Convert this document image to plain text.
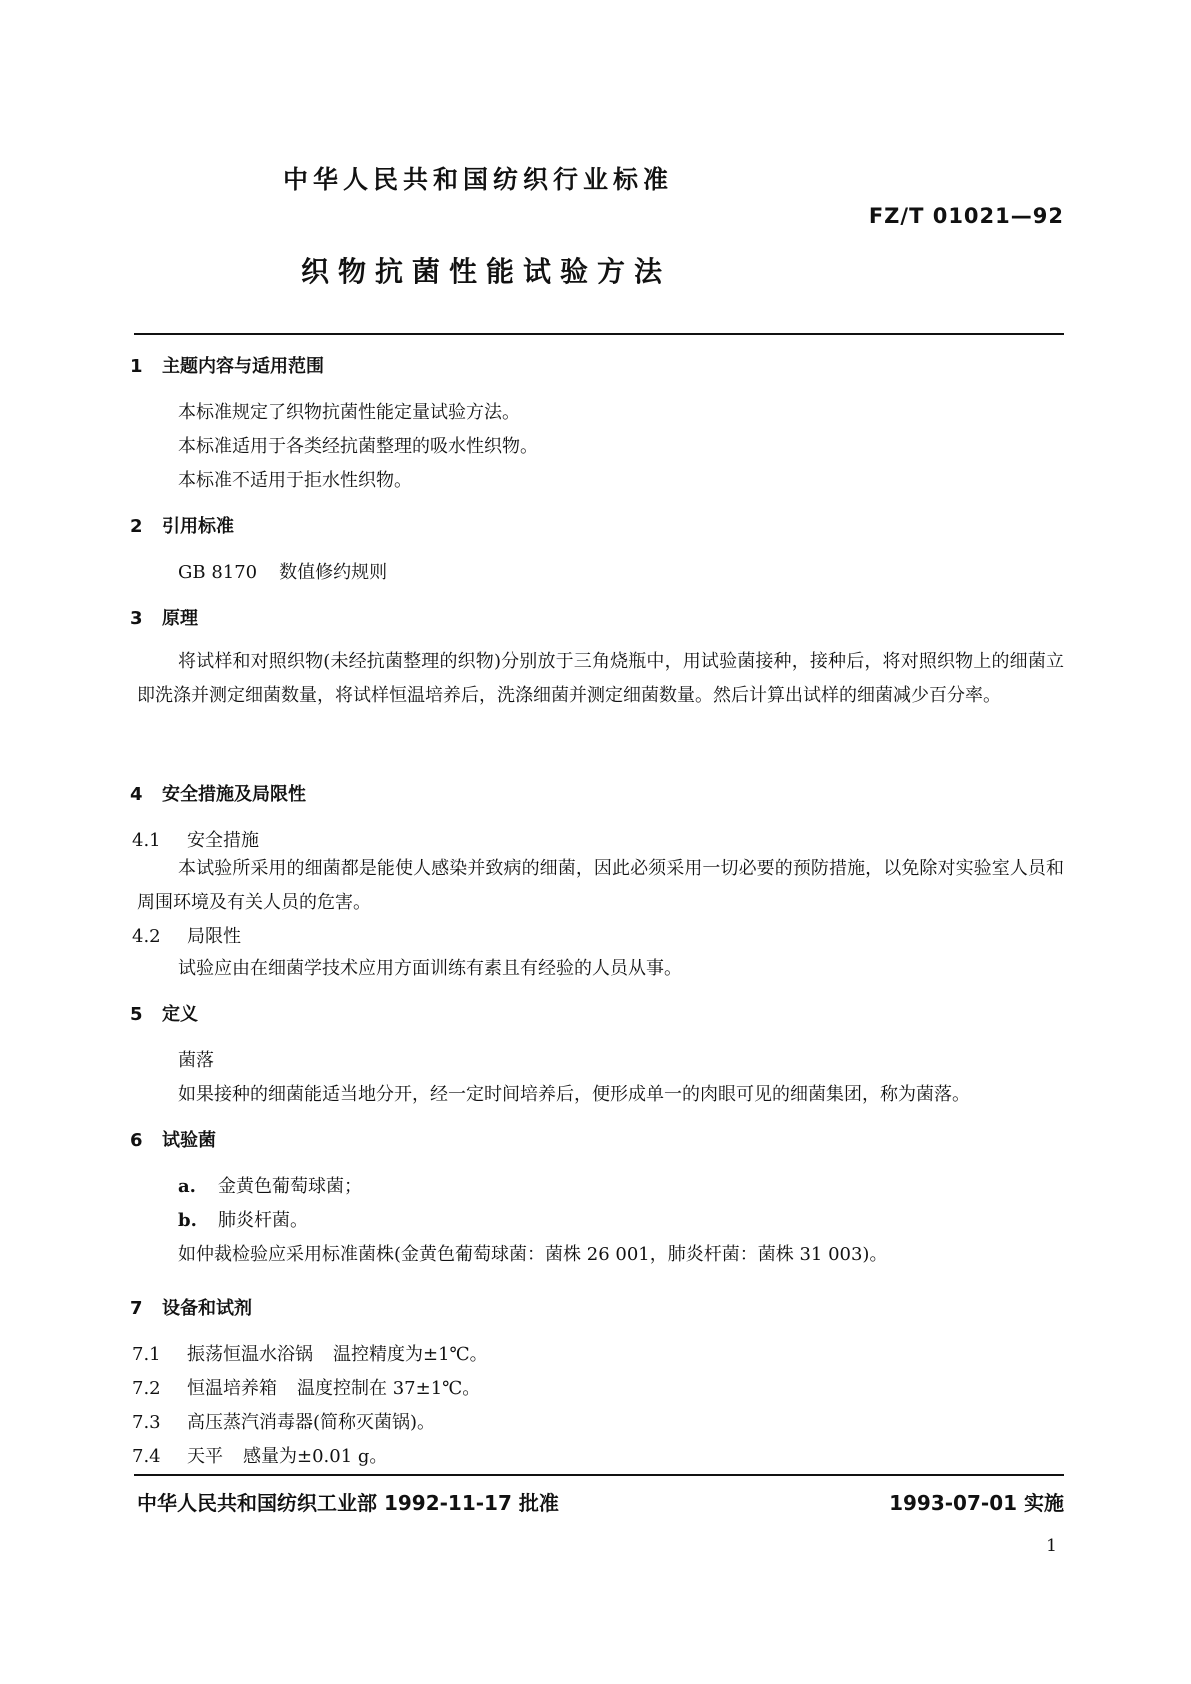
中华人民共和国纺织行业标准
FZ/T 01021—92
织物抗菌性能试验方法
1 主题内容与适用范围
本标准规定了织物抗菌性能定量试验方法。
本标准适用于各类经抗菌整理的吸水性织物。
本标准不适用于拒水性织物。
2 引用标准
GB 8170 数值修约规则
3 原理
将试样和对照织物(未经抗菌整理的织物)分别放于三角烧瓶中，用试验菌接种，接种后，将对照织物上的细菌立即洗涤并测定细菌数量，将试样恒温培养后，洗涤细菌并测定细菌数量。然后计算出试样的细菌减少百分率。
4 安全措施及局限性
4.1 安全措施
本试验所采用的细菌都是能使人感染并致病的细菌，因此必须采用一切必要的预防措施，以免除对实验室人员和周围环境及有关人员的危害。
4.2 局限性
试验应由在细菌学技术应用方面训练有素且有经验的人员从事。
5 定义
菌落
如果接种的细菌能适当地分开，经一定时间培养后，便形成单一的肉眼可见的细菌集团，称为菌落。
6 试验菌
a. 金黄色葡萄球菌；
b. 肺炎杆菌。
如仲裁检验应采用标准菌株(金黄色葡萄球菌：菌株 26 001，肺炎杆菌：菌株 31 003)。
7 设备和试剂
7.1 振荡恒温水浴锅 温控精度为±1℃。
7.2 恒温培养箱 温度控制在 37±1℃。
7.3 高压蒸汽消毒器(简称灭菌锅)。
7.4 天平 感量为±0.01 g。
中华人民共和国纺织工业部 1992-11-17 批准	1993-07-01 实施
1
